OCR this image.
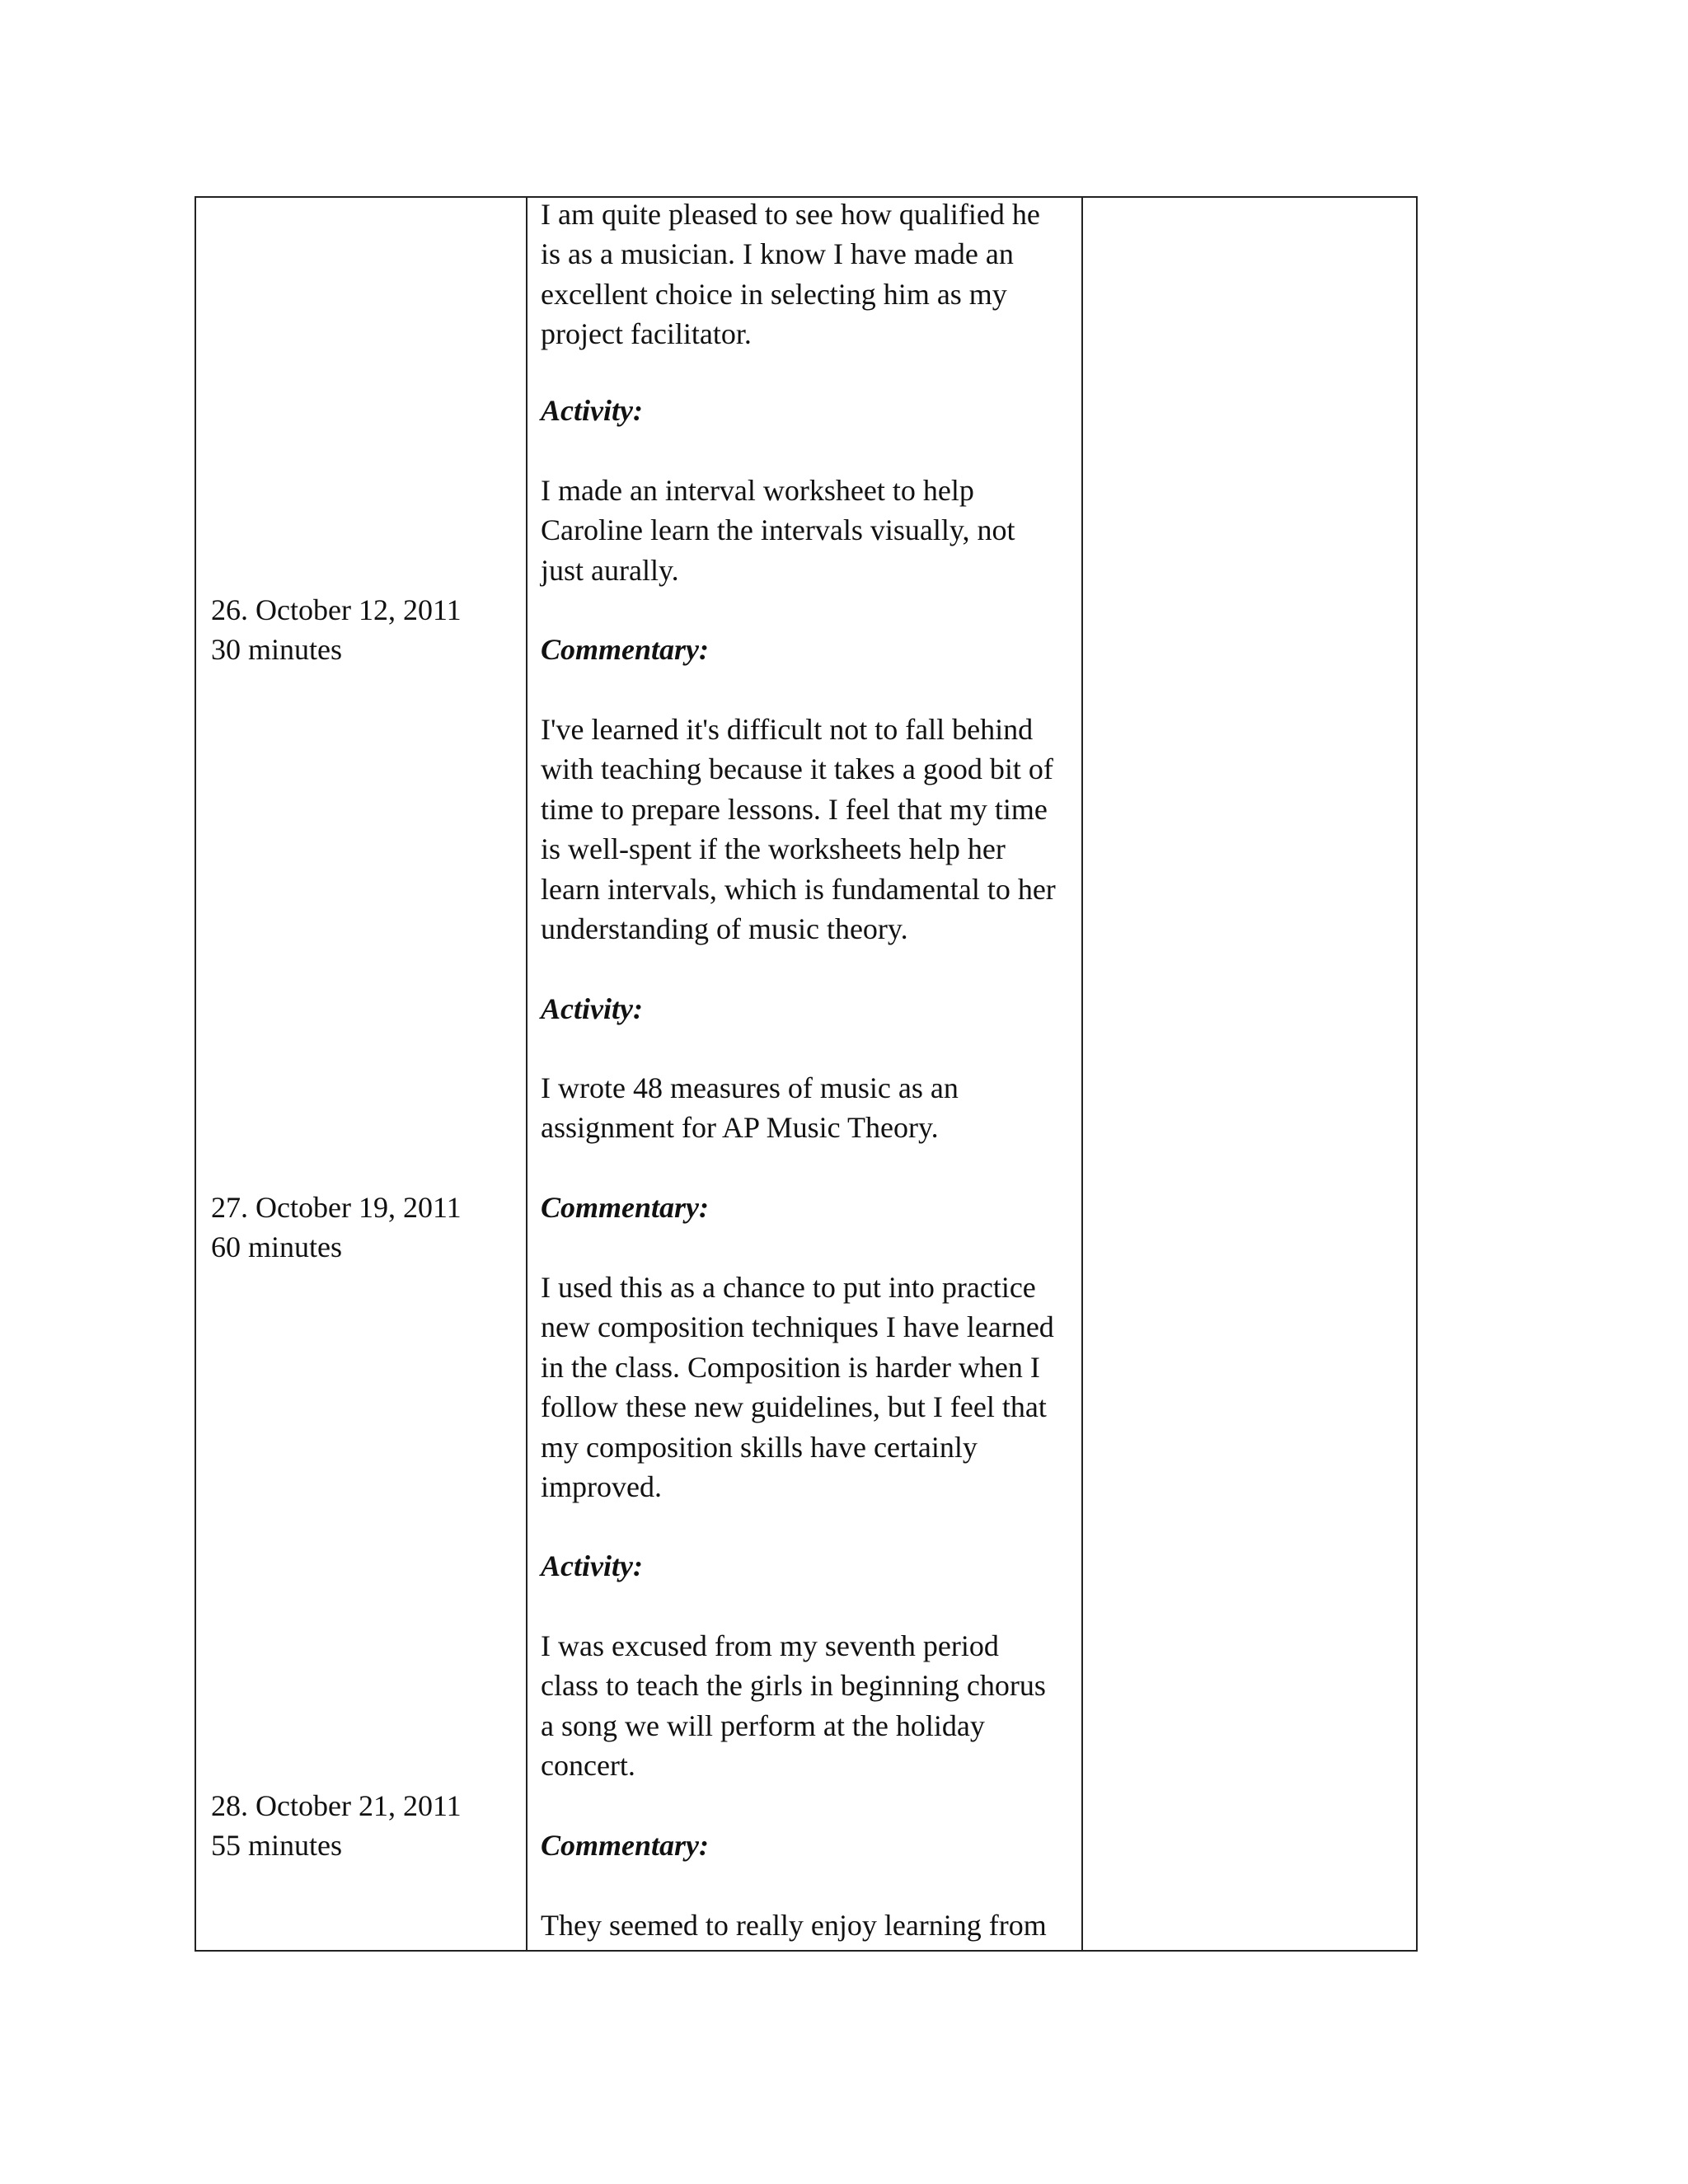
26. October 12, 2011
30 minutes
27. October 19, 2011
60 minutes
28. October 21, 2011
55 minutes
I am quite pleased to see how qualified he
is as a musician. I know I have made an
excellent choice in selecting him as my
project facilitator.
Activity:
I made an interval worksheet to help
Caroline learn the intervals visually, not
just aurally.
Commentary:
I've learned it's difficult not to fall behind
with teaching because it takes a good bit of
time to prepare lessons. I feel that my time
is well-spent if the worksheets help her
learn intervals, which is fundamental to her
understanding of music theory.
Activity:
I wrote 48 measures of music as an
assignment for AP Music Theory.
Commentary:
I used this as a chance to put into practice
new composition techniques I have learned
in the class. Composition is harder when I
follow these new guidelines, but I feel that
my composition skills have certainly
improved.
Activity:
I was excused from my seventh period
class to teach the girls in beginning chorus
a song we will perform at the holiday
concert.
Commentary:
They seemed to really enjoy learning from
